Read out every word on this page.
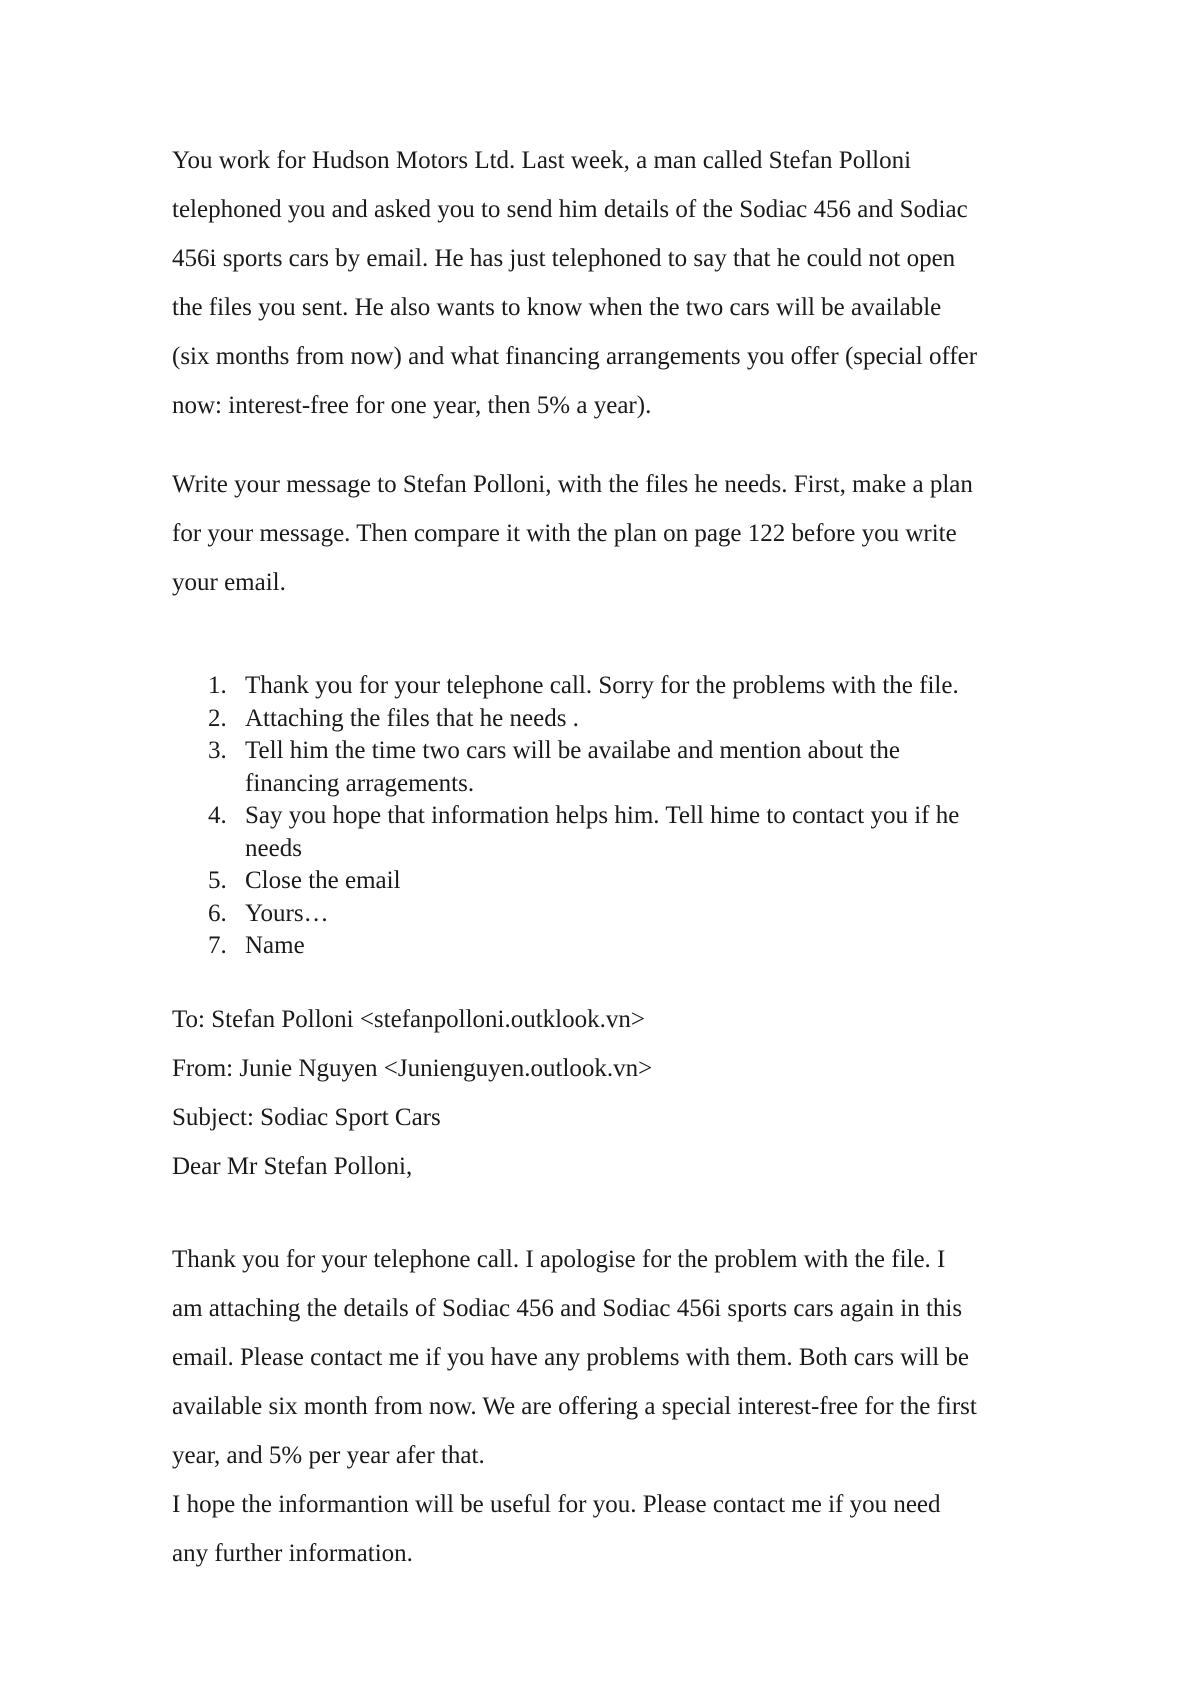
You work for Hudson Motors Ltd. Last week, a man called Stefan Polloni
telephoned you and asked you to send him details of the Sodiac 456 and Sodiac
456i sports cars by email. He has just telephoned to say that he could not open
the files you sent. He also wants to know when the two cars will be available
(six months from now) and what financing arrangements you offer (special offer
now: interest-free for one year, then 5% a year).
Write your message to Stefan Polloni, with the files he needs. First, make a plan
for your message. Then compare it with the plan on page 122 before you write
your email.
1. Thank you for your telephone call. Sorry for the problems with the file.
2. Attaching the files that he needs .
3. Tell him the time two cars will be availabe and mention about the
financing arragements.
4. Say you hope that information helps him. Tell hime to contact you if he
needs
5. Close the email
6. Yours…
7. Name
To: Stefan Polloni <stefanpolloni.outklook.vn>
From: Junie Nguyen <Junienguyen.outlook.vn>
Subject: Sodiac Sport Cars
Dear Mr Stefan Polloni,
Thank you for your telephone call. I apologise for the problem with the file. I
am attaching the details of Sodiac 456 and Sodiac 456i sports cars again in this
email. Please contact me if you have any problems with them. Both cars will be
available six month from now. We are offering a special interest-free for the first
year, and 5% per year afer that.
I hope the informantion will be useful for you. Please contact me if you need
any further information.
